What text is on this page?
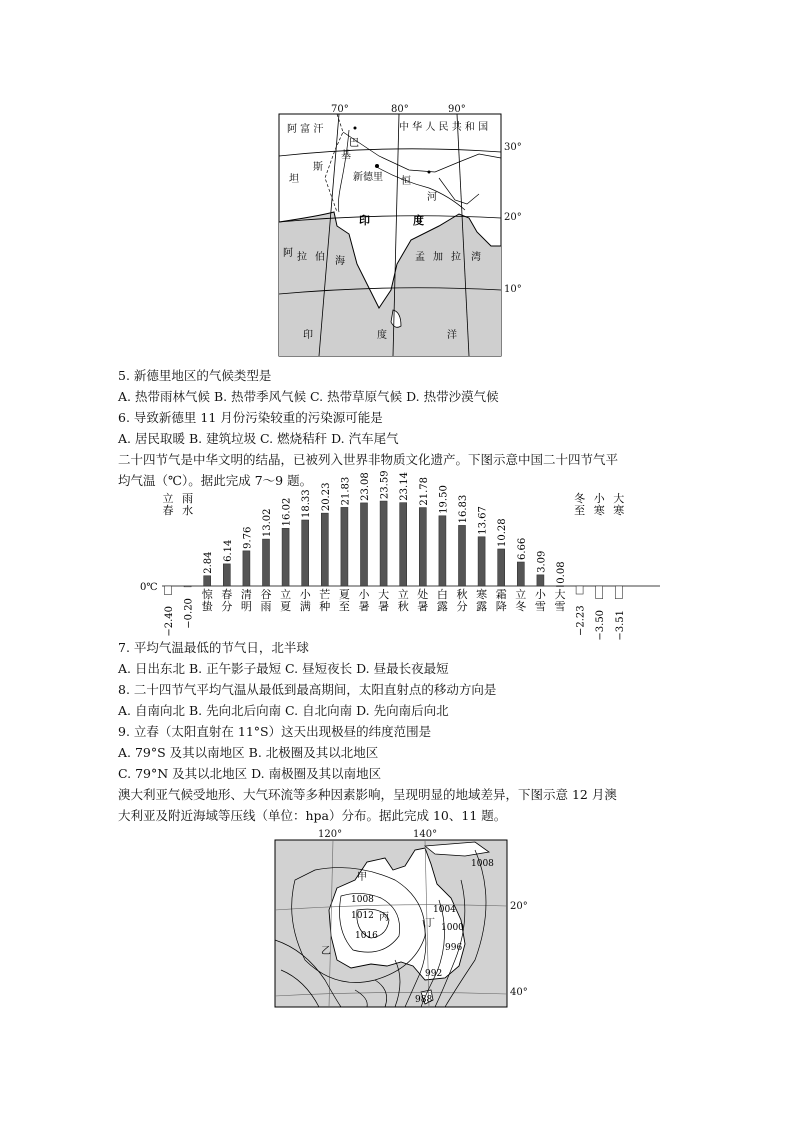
阿 富 汗	中 华 人 民 共 和 国
新德里
巴
基
斯
坦	恒
河
印	度
阿 拉 伯 海	孟 加 拉 湾
印	度	洋
70°	80°	90°
30°
20°
10°
5. 新德里地区的气候类型是
A. 热带雨林气候 B. 热带季风气候 C. 热带草原气候 D. 热带沙漠气候
6. 导致新德里 11 月份污染较重的污染源可能是
A. 居民取暖 B. 建筑垃圾 C. 燃烧秸秆 D. 汽车尾气
二十四节气是中华文明的结晶，已被列入世界非物质文化遗产。下图示意中国二十四节气平
均气温（℃）。据此完成 7～9 题。
0℃
−2.40
立
春
−0.20
雨
水
2.84
惊
蛰
6.14
春
分
9.76
清
明
13.02
谷
雨
16.02
立
夏
18.33
小
满
20.23
芒
种
21.83
夏
至
23.08
小
暑
23.59
大
暑
23.14
立
秋
21.78
处
暑
19.50
白
露
16.83
秋
分
13.67
寒
露
10.28
霜
降
6.66
立
冬
3.09
小
雪
0.08
大
雪 −2.23
冬
至
−3.50
小
寒
−3.51
大
寒
7. 平均气温最低的节气日，北半球
A. 日出东北 B. 正午影子最短 C. 昼短夜长 D. 昼最长夜最短
8. 二十四节气平均气温从最低到最高期间，太阳直射点的移动方向是
A. 自南向北 B. 先向北后向南 C. 自北向南 D. 先向南后向北
9. 立春（太阳直射在 11°S）这天出现极昼的纬度范围是
A. 79°S 及其以南地区 B. 北极圈及其以北地区
C. 79°N 及其以北地区 D. 南极圈及其以南地区
澳大利亚气候受地形、大气环流等多种因素影响，呈现明显的地域差异，下图示意 12 月澳
大利亚及附近海域等压线（单位：hpa）分布。据此完成 10、11 题。
1008
1008
1012
1016
1004
1000
996
992
988
甲
乙
丙
丁
120°	140°
20°
40°
